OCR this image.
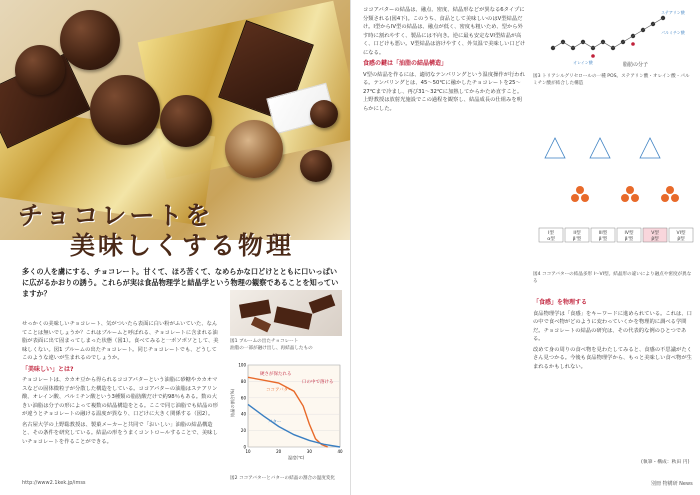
チョコレートを
美味しくする物理
多くの人を虜にする、チョコレート。甘くて、ほろ苦くて、なめらかな口どけとともに口いっぱいに広がるかおりの誘う。これらが実は食品物理学と結晶学という物理の観察であることを知っていますか？
せっかくの美味しいチョコレート、気がついたら表面に白い粉がふいていた、なんてことは無いでしょうか？これはブルームと呼ばれる、チョコレートに含まれる油脂が表面に出て固まってしまった状態（図1）。食べてみると一ボソボソとして、美味しくない。図1 ブルームの出たチョコレート。同じチョコレートでも、どうしてこのような違いが生まれるのでしょうか。
「美味しい」とは?
チョコレートは、カカオ豆から得られるココアバターという油脂に砂糖やカカオマスなどの固体微粒子が分散した構造をしている。ココアバターの油脂はステアリン酸、オレイン酸、パルミチン酸という3種類の脂肪酸だけで約98％もある。数の大きい油脂は分子の形によって複数の結晶構造をとる。ここで同じ油脂でも結晶の形が違うとチョコレートの融ける温度が異なり、口どけに大きく関係する（図2）。
名古屋大学の上野聡教授は、製菓メーカーと共同で「おいしい」油脂の結晶構造と、その条件を研究している。結晶の形をうまくコントロールすることで、美味しいチョコレートを作ることができる。
図1 ブルームの出たチョコレート
油脂の一部が融け出し、再結晶したもの
0
20
40
60
80
100
10	20	30	40
硬さが保たれる
口の中で溶ける
ココアバター
バター
結晶の割合(%)
温度(℃)
図2 ココアバターとバターの結晶の割合の温度変化
http://www2.1kek.jp/imss
ココアバターの結晶は、融点、密度、結晶形などが異なる6タイプに分類される(図4下)。このうち、食品として美味しいのはV型結晶だけ。I型からIV型の結晶は、融点が低く、密度も粗いため、型から外す時に割れやすく、製品には不向き。逆に最も安定なVI型結晶が高く、口どけも悪い。V型結晶は溶けやすく、外気温で美味しい口どけになる。
食感の鍵は「油脂の結晶構造」
V型の結晶を作るには、適切なテンパリングという温度操作が行われる。テンパリングとは、45〜50℃に融かしたチョコレートを25〜27℃まで冷まし、再び31〜32℃に加熱してからかため直すこと。上野教授は放射光施設でこの過程を観察し、結晶成長の仕組みを明らかにした。
ステアリン酸
オレイン酸
パルミチン酸
脂肪の分子
図3 トリアシルグリセロールの一種 POS。ステアリン酸・オレイン酸・パルミチン酸が結合した構造
I型	II型	III型	IV型	V型	VI型
α型	β'型	β'型	β'型	β型	β型
図4 ココアバターの結晶多形 I〜VI型。結晶形の違いにより融点や密度が異なる
「食感」を物理する
食品物理学は「食感」をキーワードに進められている。これは、口の中で食べ物がどのように変わっていくかを物理的に調べる学問だ。チョコレートの結晶の研究は、その代表的な例のひとつである。
改めて身の周りの食べ物を見わたしてみると、食感の不思議がたくさん見つかる。今後も食品物理学から、もっと美味しい食べ物が生まれるかもしれない。
(執筆・構成：秋田 円)
別冊 物構研 News
